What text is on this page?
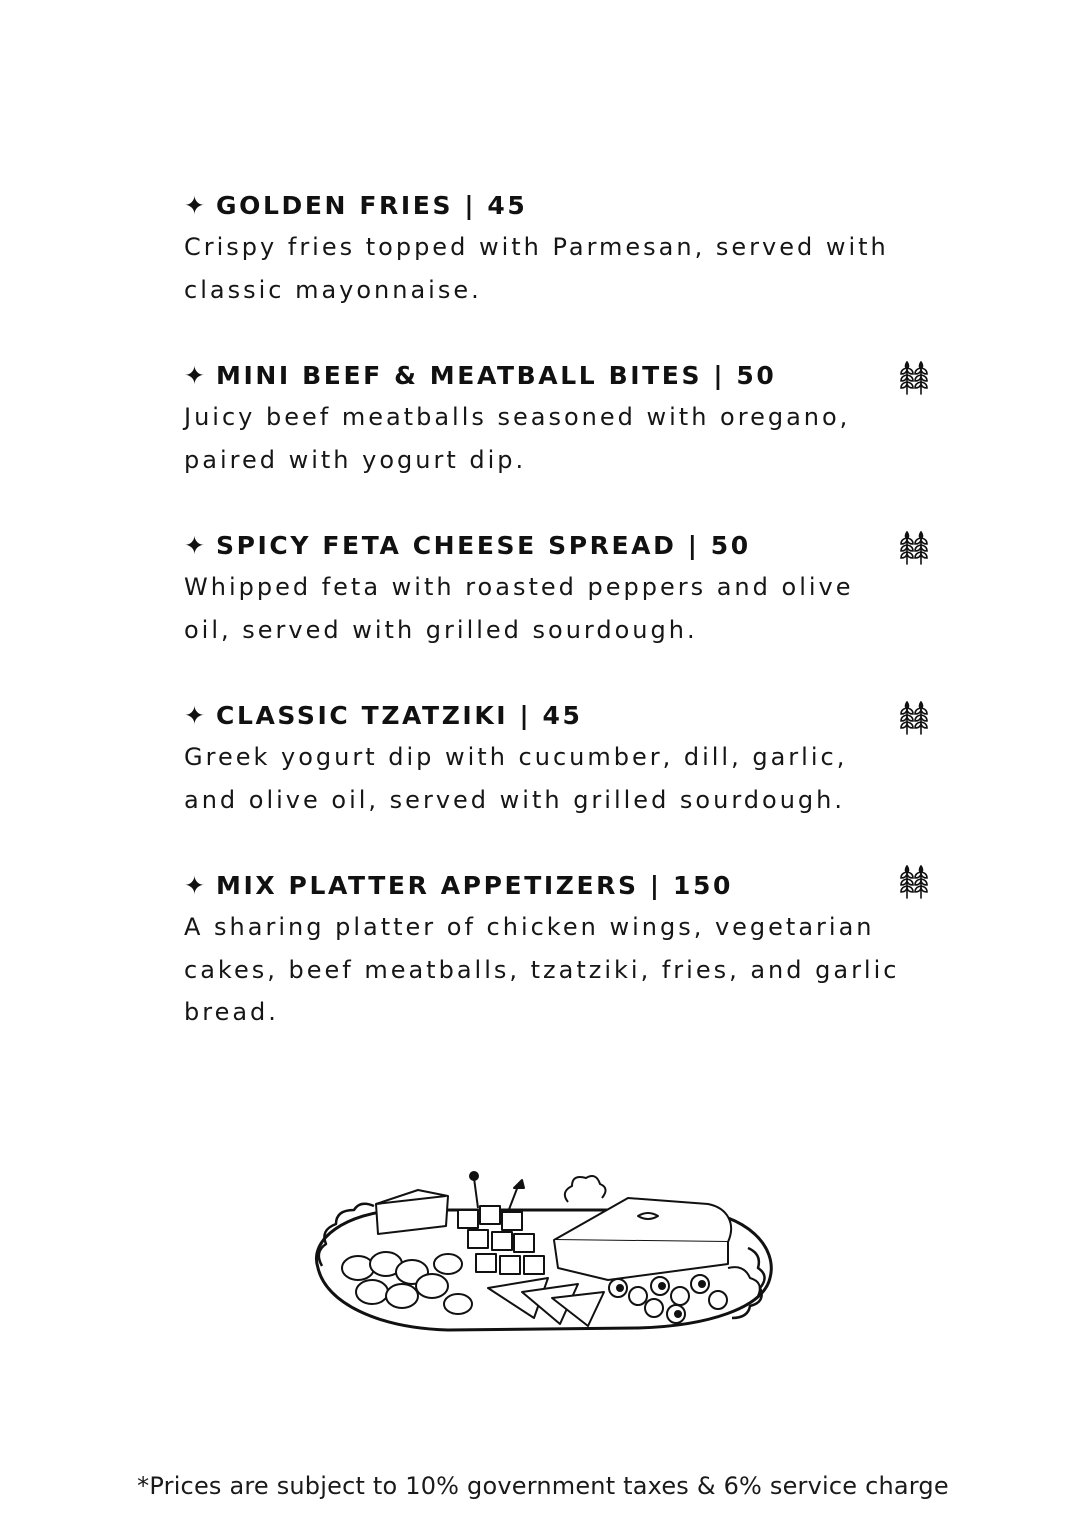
✦ GOLDEN FRIES | 45
Crispy fries topped with Parmesan, served with classic mayonnaise.
✦ MINI BEEF & MEATBALL BITES | 50
Juicy beef meatballs seasoned with oregano, paired with yogurt dip.
✦ SPICY FETA CHEESE SPREAD | 50
Whipped feta with roasted peppers and olive oil, served with grilled sourdough.
✦ CLASSIC TZATZIKI | 45
Greek yogurt dip with cucumber, dill, garlic, and olive oil, served with grilled sourdough.
✦ MIX PLATTER APPETIZERS | 150
A sharing platter of chicken wings, vegetarian cakes, beef meatballs, tzatziki, fries, and garlic bread.
*Prices are subject to 10% government taxes & 6% service charge
